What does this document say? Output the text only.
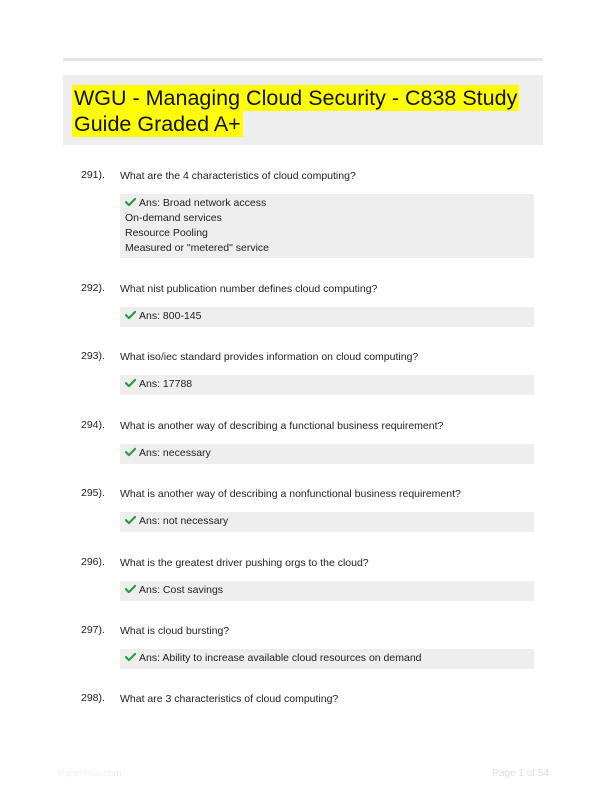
WGU - Managing Cloud Security - C838 Study Guide Graded A+
291). What are the 4 characteristics of cloud computing?
Ans: Broad network access
On-demand services
Resource Pooling
Measured or "metered" service
292). What nist publication number defines cloud computing?
Ans: 800-145
293). What iso/iec standard provides information on cloud computing?
Ans: 17788
294). What is another way of describing a functional business requirement?
Ans: necessary
295). What is another way of describing a nonfunctional business requirement?
Ans: not necessary
296). What is the greatest driver pushing orgs to the cloud?
Ans: Cost savings
297). What is cloud bursting?
Ans: Ability to increase available cloud resources on demand
298). What are 3 characteristics of cloud computing?
Paperfinal.com	Page 1 of 54
